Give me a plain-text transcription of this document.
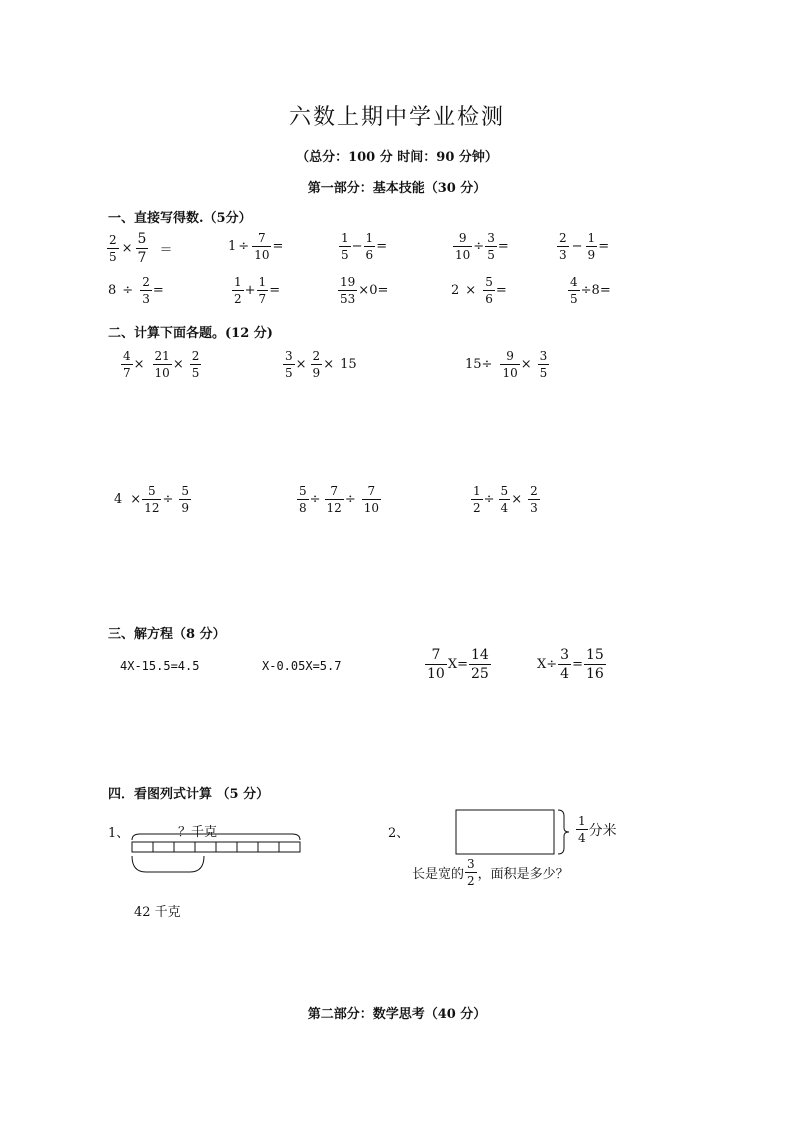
六数上期中学业检测
（总分：100 分 时间：90 分钟）
第一部分：基本技能（30 分）
一、直接写得数.（5分）
$\frac{2}{5} \times \frac{5}{7}$ ＝	$1 \div \frac{7}{10}$ =	$\frac{1}{5} - \frac{1}{6}$ =	$\frac{9}{10} \div \frac{3}{5}$ =	$\frac{2}{3} - \frac{1}{9}$ =
$8 \div \frac{2}{3}$ =	$\frac{1}{2} + \frac{1}{7}$ =	$\frac{19}{53} \times 0$ =	$2 \times \frac{5}{6}$ =	$\frac{4}{5} \div 8$ =
二、计算下面各题。(12 分)
$\frac{4}{7} \times \frac{21}{10} \times \frac{2}{5}$	$\frac{3}{5} \times \frac{2}{9} \times 15$	$15 \div \frac{9}{10} \times \frac{3}{5}$
$4 \times \frac{5}{12} \div \frac{5}{9}$	$\frac{5}{8} \div \frac{7}{12} \div \frac{7}{10}$	$\frac{1}{2} \div \frac{5}{4} \times \frac{2}{3}$
三、解方程（8 分）
4X-15.5=4.5	X-0.05X=5.7	$\frac{7}{10} X= \frac{14}{25}$	$X\div \frac{3}{4} = \frac{15}{16}$
四．看图列式计算 （5 分）
1、	？千克
42 千克
2、	$\frac{1}{4}$ 分米
长是宽的 $\frac{3}{2}$ ，面积是多少？
第二部分：数学思考（40 分）
